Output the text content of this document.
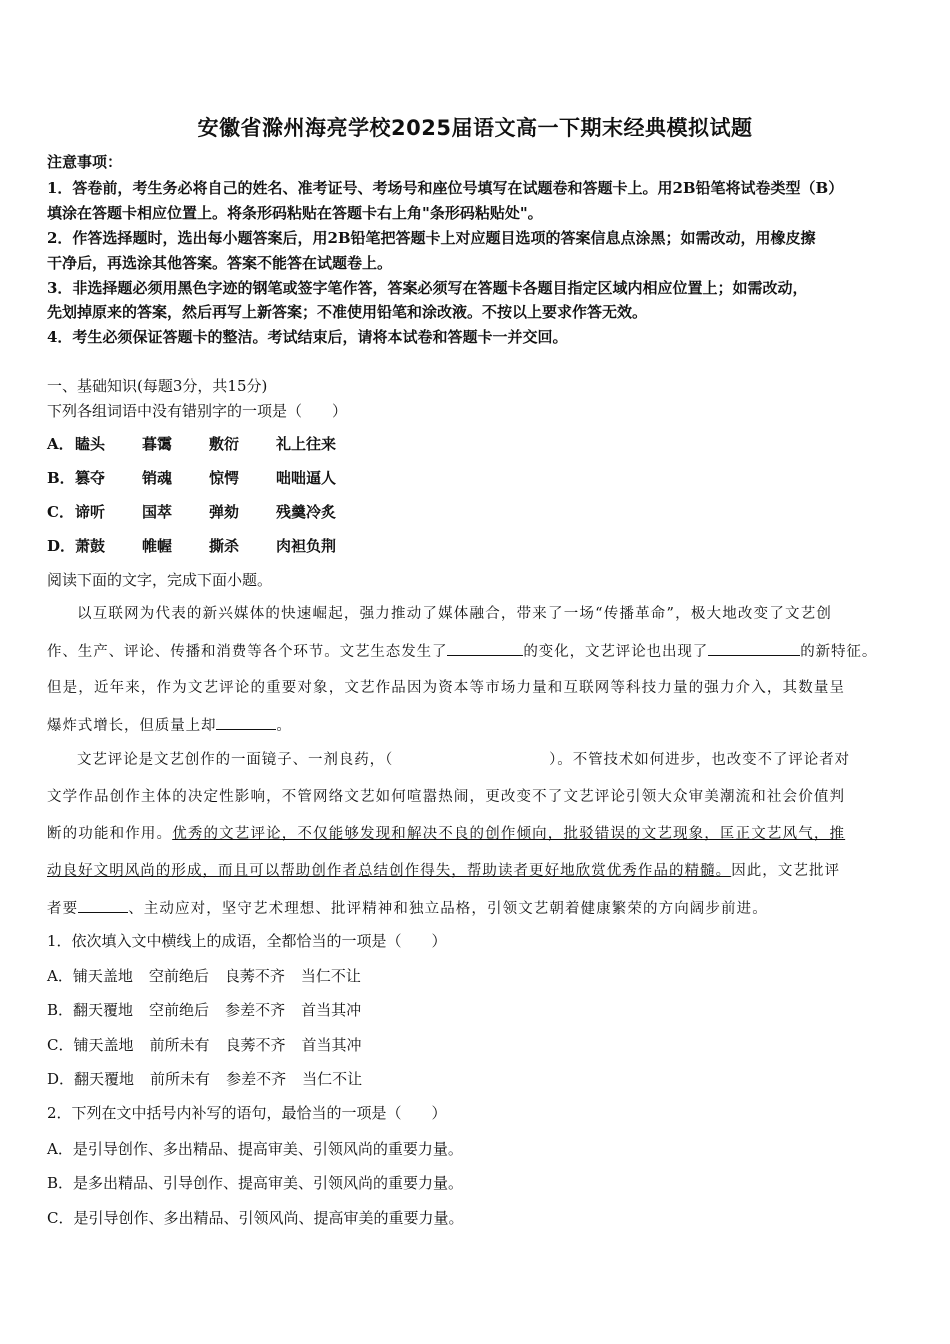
安徽省滁州海亮学校2025届语文高一下期末经典模拟试题
注意事项：
1．答卷前，考生务必将自己的姓名、准考证号、考场号和座位号填写在试题卷和答题卡上。用2B铅笔将试卷类型（B）
填涂在答题卡相应位置上。将条形码粘贴在答题卡右上角"条形码粘贴处"。
2．作答选择题时，选出每小题答案后，用2B铅笔把答题卡上对应题目选项的答案信息点涂黑；如需改动，用橡皮擦
干净后，再选涂其他答案。答案不能答在试题卷上。
3．非选择题必须用黑色字迹的钢笔或签字笔作答，答案必须写在答题卡各题目指定区域内相应位置上；如需改动，
先划掉原来的答案，然后再写上新答案；不准使用铅笔和涂改液。不按以上要求作答无效。
4．考生必须保证答题卡的整洁。考试结束后，请将本试卷和答题卡一并交回。
一、基础知识(每题3分，共15分)
下列各组词语中没有错别字的一项是（　　）
A．瞌头 暮霭 敷衍 礼上往来
B．篡夺 销魂 惊愕 咄咄逼人
C．谛听 国萃 弹劾 残羹冷炙
D．萧鼓 帷幄 撕杀 肉袒负荆
阅读下面的文字，完成下面小题。
以互联网为代表的新兴媒体的快速崛起，强力推动了媒体融合，带来了一场“传播革命”，极大地改变了文艺创
作、生产、评论、传播和消费等各个环节。文艺生态发生了	的变化，文艺评论也出现了	的新特征。
但是，近年来，作为文艺评论的重要对象，文艺作品因为资本等市场力量和互联网等科技力量的强力介入，其数量呈
爆炸式增长，但质量上却	。
文艺评论是文艺创作的一面镜子、一剂良药，（	）。不管技术如何进步，也改变不了评论者对
文学作品创作主体的决定性影响，不管网络文艺如何喧嚣热闹，更改变不了文艺评论引领大众审美潮流和社会价值判
断的功能和作用。优秀的文艺评论，不仅能够发现和解决不良的创作倾向，批驳错误的文艺现象，匡正文艺风气，推
动良好文明风尚的形成，而且可以帮助创作者总结创作得失，帮助读者更好地欣赏优秀作品的精髓。因此，文艺批评
者要	、主动应对，坚守艺术理想、批评精神和独立品格，引领文艺朝着健康繁荣的方向阔步前进。
1．依次填入文中横线上的成语，全都恰当的一项是（　　）
A．铺天盖地 空前绝后 良莠不齐 当仁不让
B．翻天覆地 空前绝后 参差不齐 首当其冲
C．铺天盖地 前所未有 良莠不齐 首当其冲
D．翻天覆地 前所未有 参差不齐 当仁不让
2．下列在文中括号内补写的语句，最恰当的一项是（　　）
A．是引导创作、多出精品、提高审美、引领风尚的重要力量。
B．是多出精品、引导创作、提高审美、引领风尚的重要力量。
C．是引导创作、多出精品、引领风尚、提高审美的重要力量。
